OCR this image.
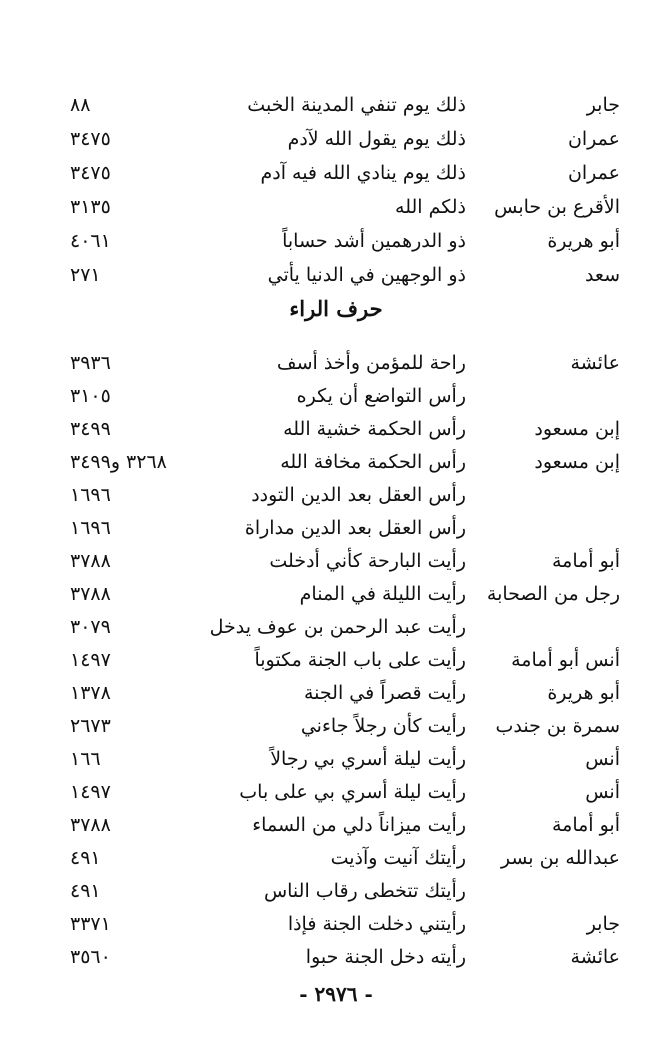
جابر
ذلك يوم تنفي المدينة الخبث
٨٨
عمران
ذلك يوم يقول الله لآدم
٣٤٧٥
عمران
ذلك يوم ينادي الله فيه آدم
٣٤٧٥
الأقرع بن حابس
ذلكم الله
٣١٣٥
أبو هريرة
ذو الدرهمين أشد حساباً
٤٠٦١
سعد
ذو الوجهين في الدنيا يأتي
٢٧١
حرف الراء
عائشة
راحة للمؤمن وأخذ أسف
٣٩٣٦
رأس التواضع أن يكره
٣١٠٥
إبن مسعود
رأس الحكمة خشية الله
٣٤٩٩
إبن مسعود
رأس الحكمة مخافة الله
٣٢٦٨ و٣٤٩٩
رأس العقل بعد الدين التودد
١٦٩٦
رأس العقل بعد الدين مداراة
١٦٩٦
أبو أمامة
رأيت البارحة كأني أدخلت
٣٧٨٨
رجل من الصحابة
رأيت الليلة في المنام
٣٧٨٨
رأيت عبد الرحمن بن عوف يدخل
٣٠٧٩
أنس أبو أمامة
رأيت على باب الجنة مكتوباً
١٤٩٧
أبو هريرة
رأيت قصراً في الجنة
١٣٧٨
سمرة بن جندب
رأيت كأن رجلاً جاءني
٢٦٧٣
أنس
رأيت ليلة أسري بي رجالاً
١٦٦
أنس
رأيت ليلة أسري بي على باب
١٤٩٧
أبو أمامة
رأيت ميزاناً دلي من السماء
٣٧٨٨
عبدالله بن بسر
رأيتك آنيت وآذيت
٤٩١
رأيتك تتخطى رقاب الناس
٤٩١
جابر
رأيتني دخلت الجنة فإذا
٣٣٧١
عائشة
رأيته دخل الجنة حبوا
٣٥٦٠
- ٢٩٧٦ -
